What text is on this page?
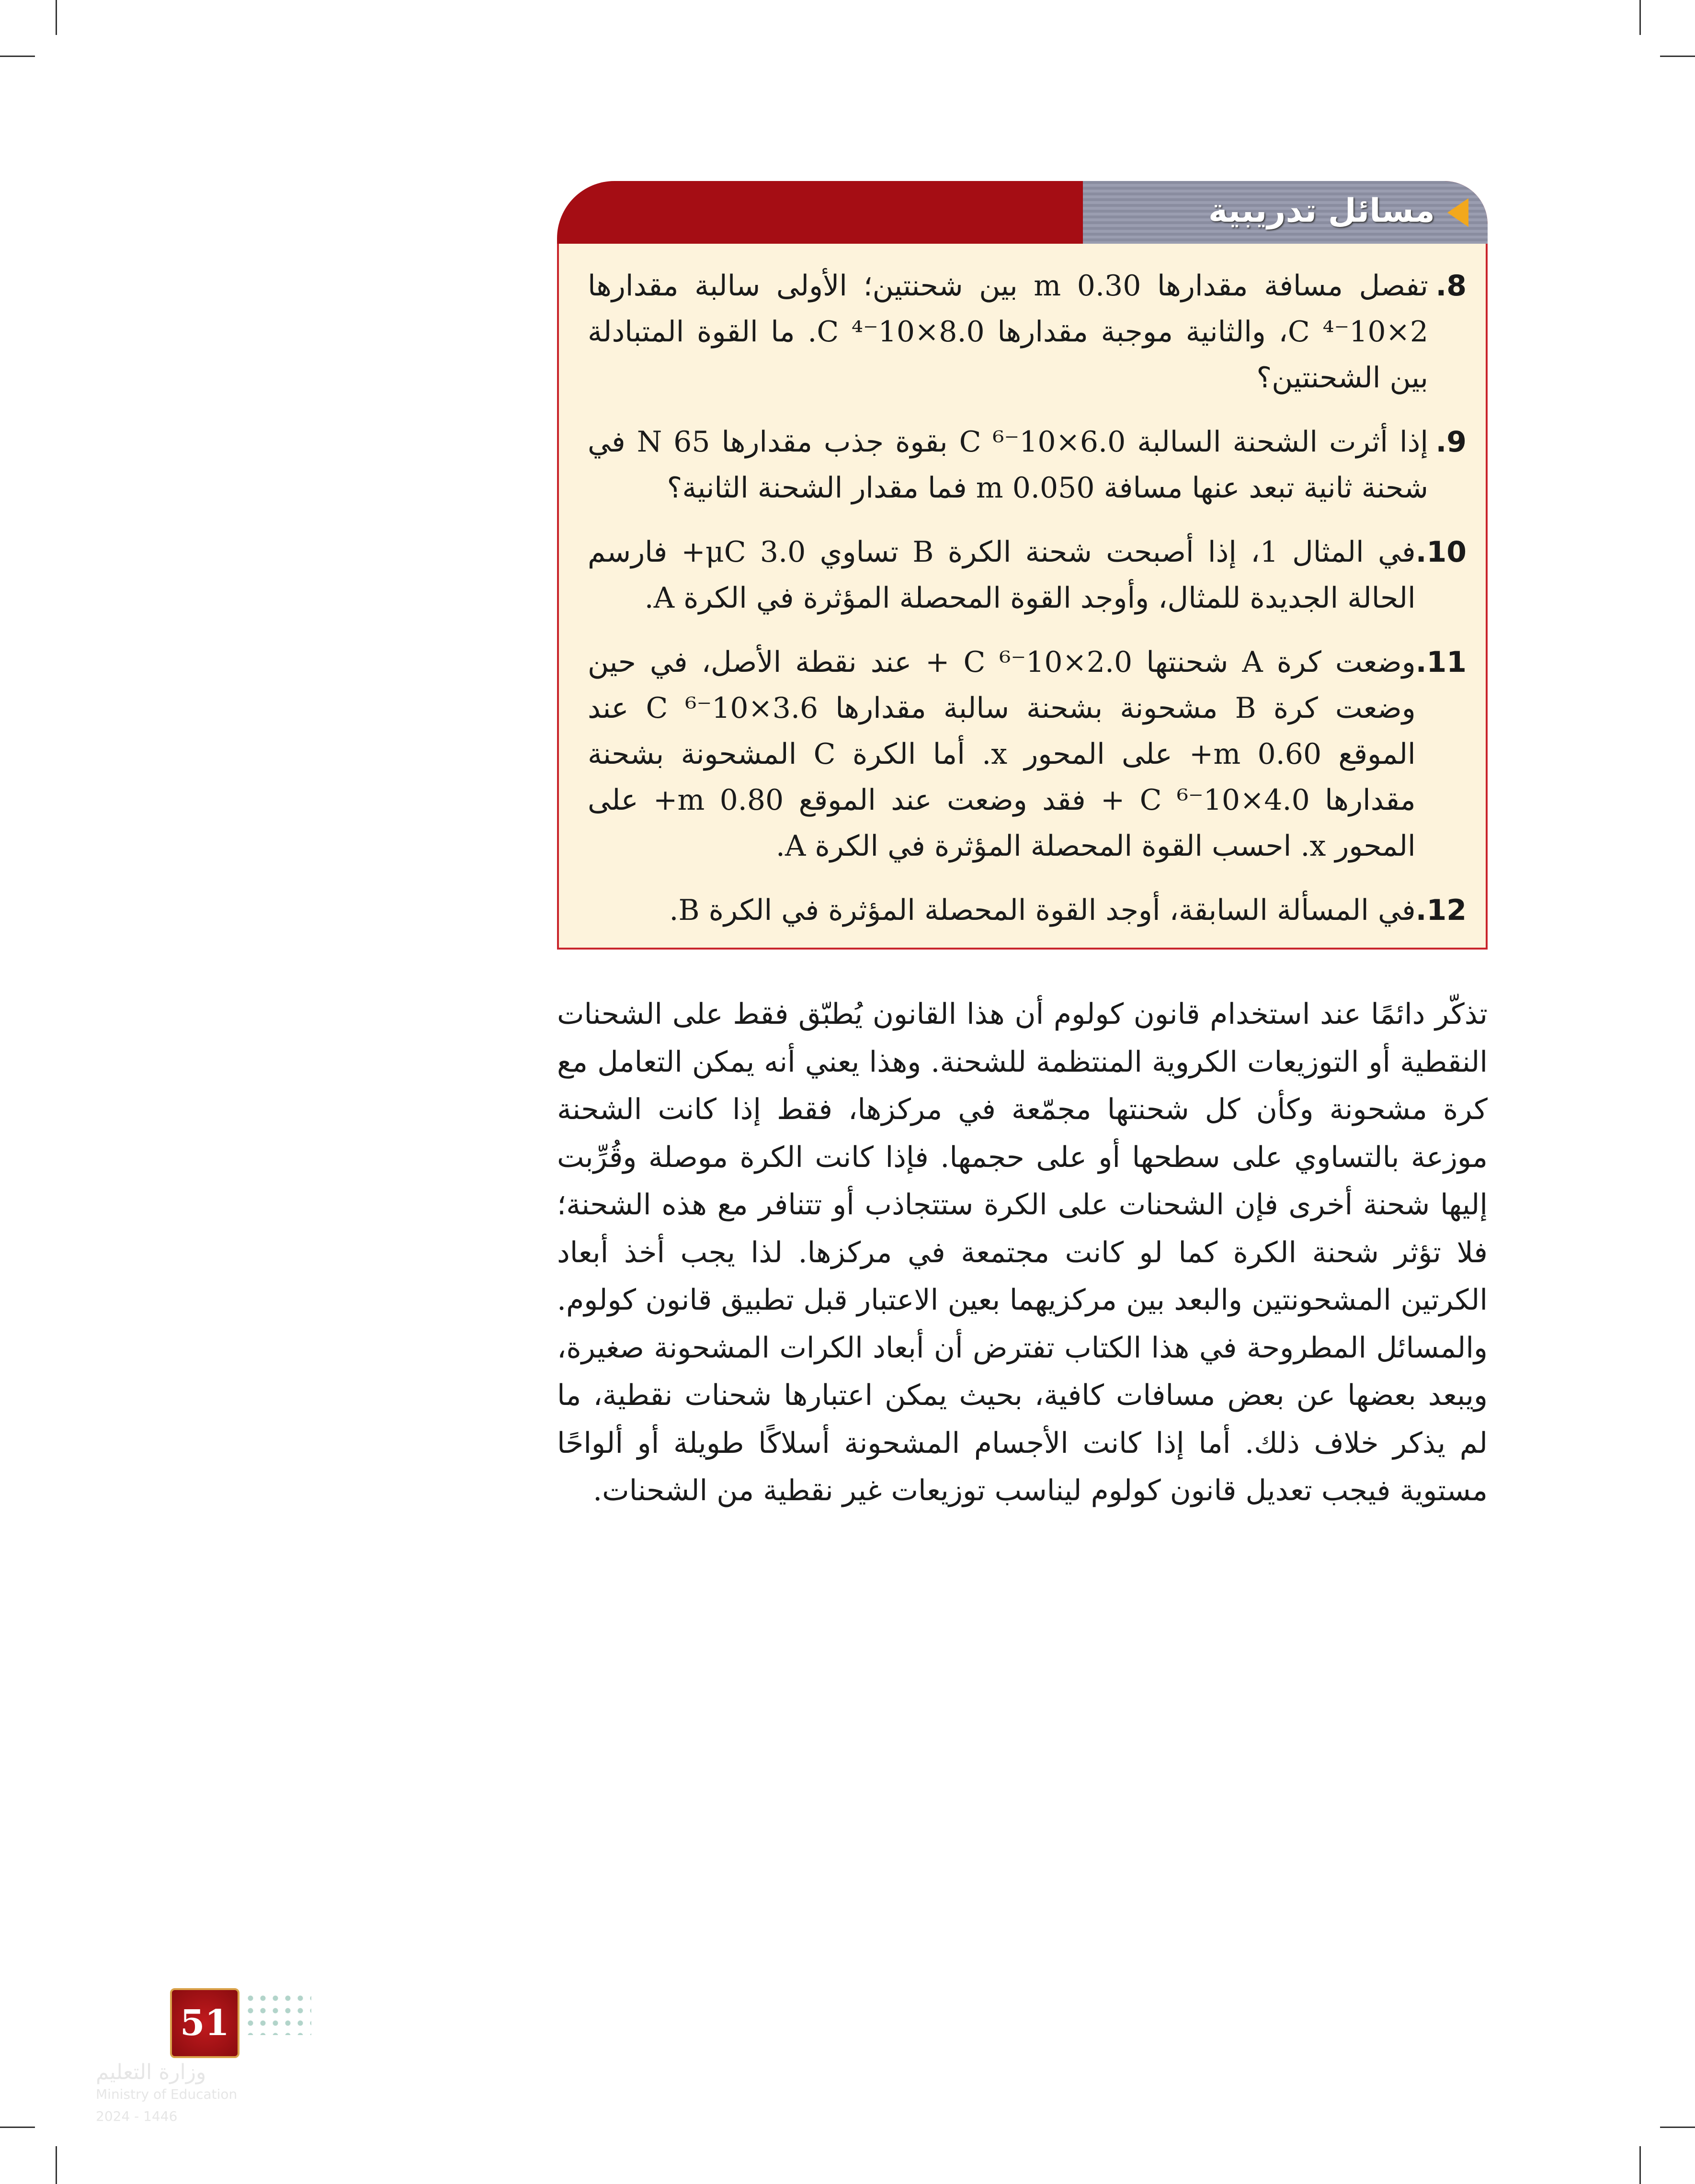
مسائل تدريبية
8.
تفصل مسافة مقدارها 0.30 m بين شحنتين؛ الأولى سالبة مقدارها 2×10⁻⁴ C، والثانية موجبة مقدارها 8.0×10⁻⁴ C. ما القوة المتبادلة بين الشحنتين؟
9.
إذا أثرت الشحنة السالبة 6.0×10⁻⁶ C بقوة جذب مقدارها 65 N في شحنة ثانية تبعد عنها مسافة 0.050 m فما مقدار الشحنة الثانية؟
10.
في المثال 1، إذا أصبحت شحنة الكرة B تساوي 3.0 μC+ فارسم الحالة الجديدة للمثال، وأوجد القوة المحصلة المؤثرة في الكرة A.
11.
وضعت كرة A شحنتها 2.0×10⁻⁶ C + عند نقطة الأصل، في حين وضعت كرة B مشحونة بشحنة سالبة مقدارها 3.6×10⁻⁶ C عند الموقع 0.60 m+ على المحور x. أما الكرة C المشحونة بشحنة مقدارها 4.0×10⁻⁶ C + فقد وضعت عند الموقع 0.80 m+ على المحور x. احسب القوة المحصلة المؤثرة في الكرة A.
12.
في المسألة السابقة، أوجد القوة المحصلة المؤثرة في الكرة B.

تذكّر دائمًا عند استخدام قانون كولوم أن هذا القانون يُطبّق فقط على الشحنات النقطية أو التوزيعات الكروية المنتظمة للشحنة. وهذا يعني أنه يمكن التعامل مع كرة مشحونة وكأن كل شحنتها مجمّعة في مركزها، فقط إذا كانت الشحنة موزعة بالتساوي على سطحها أو على حجمها. فإذا كانت الكرة موصلة وقُرِّبت إليها شحنة أخرى فإن الشحنات على الكرة ستتجاذب أو تتنافر مع هذه الشحنة؛ فلا تؤثر شحنة الكرة كما لو كانت مجتمعة في مركزها. لذا يجب أخذ أبعاد الكرتين المشحونتين والبعد بين مركزيهما بعين الاعتبار قبل تطبيق قانون كولوم. والمسائل المطروحة في هذا الكتاب تفترض أن أبعاد الكرات المشحونة صغيرة، ويبعد بعضها عن بعض مسافات كافية، بحيث يمكن اعتبارها شحنات نقطية، ما لم يذكر خلاف ذلك. أما إذا كانت الأجسام المشحونة أسلاكًا طويلة أو ألواحًا مستوية فيجب تعديل قانون كولوم ليناسب توزيعات غير نقطية من الشحنات.

51
وزارة التعليم
Ministry of Education
2024 - 1446
